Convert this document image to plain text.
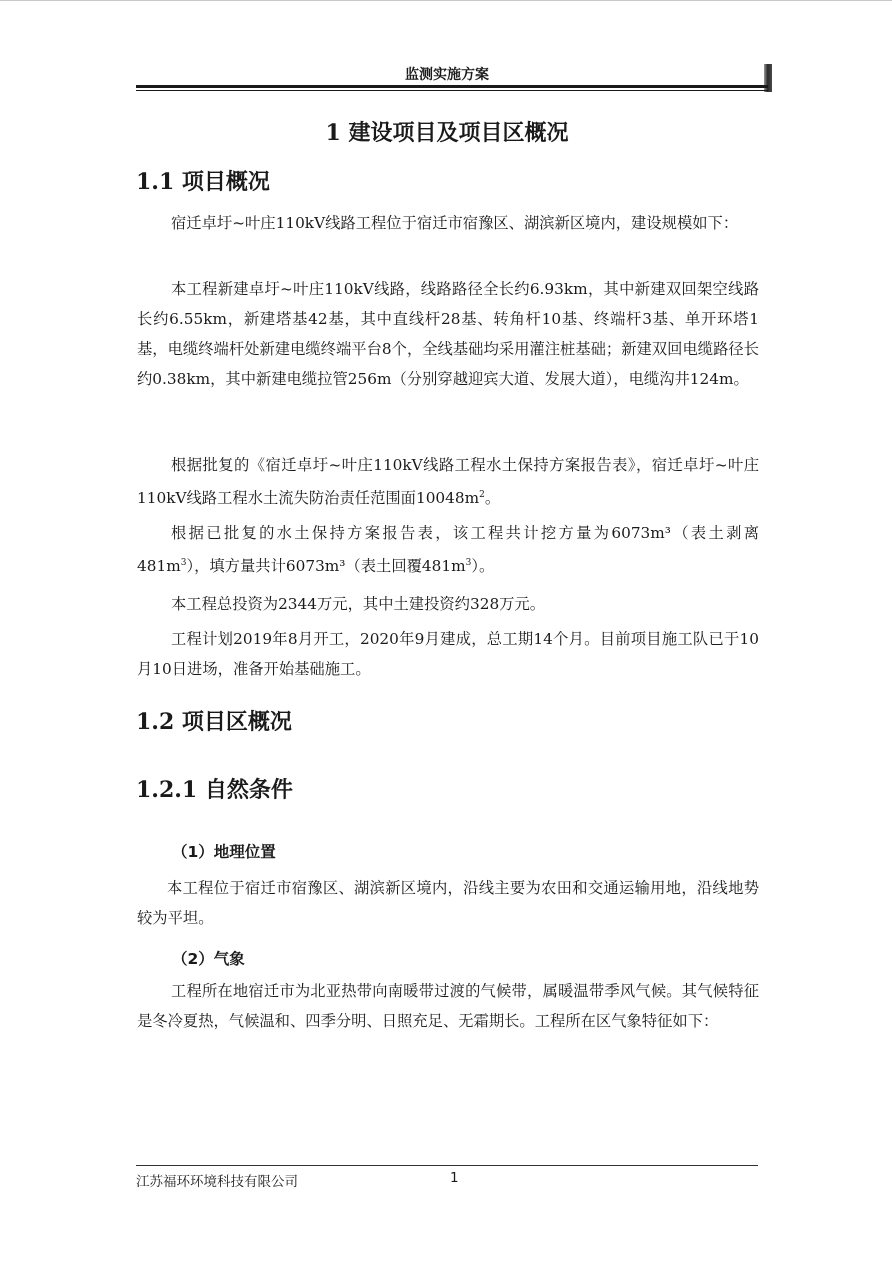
监测实施方案
1 建设项目及项目区概况
1.1 项目概况

宿迁卓圩~叶庄110kV线路工程位于宿迁市宿豫区、湖滨新区境内，建设规模如下：

本工程新建卓圩~叶庄110kV线路，线路路径全长约6.93km，其中新建双回架空线路长约6.55km，新建塔基42基，其中直线杆28基、转角杆10基、终端杆3基、单开环塔1基，电缆终端杆处新建电缆终端平台8个，全线基础均采用灌注桩基础；新建双回电缆路径长约0.38km，其中新建电缆拉管256m（分别穿越迎宾大道、发展大道），电缆沟井124m。

根据批复的《宿迁卓圩~叶庄110kV线路工程水土保持方案报告表》，宿迁卓圩~叶庄110kV线路工程水土流失防治责任范围面$10048m^2$。

根据已批复的水土保持方案报告表，该工程共计挖方量为6073m³（表土剥离$481m^3$），填方量共计6073m³（表土回覆$481m^3$）。

本工程总投资为2344万元，其中土建投资约328万元。

工程计划2019年8月开工，2020年9月建成，总工期14个月。目前项目施工队已于10月10日进场，准备开始基础施工。

1.2 项目区概况
1.2.1 自然条件
（1）地理位置

本工程位于宿迁市宿豫区、湖滨新区境内，沿线主要为农田和交通运输用地，沿线地势较为平坦。

（2）气象

工程所在地宿迁市为北亚热带向南暖带过渡的气候带，属暖温带季风气候。其气候特征是冬冷夏热，气候温和、四季分明、日照充足、无霜期长。工程所在区气象特征如下：

江苏福环环境科技有限公司	1
